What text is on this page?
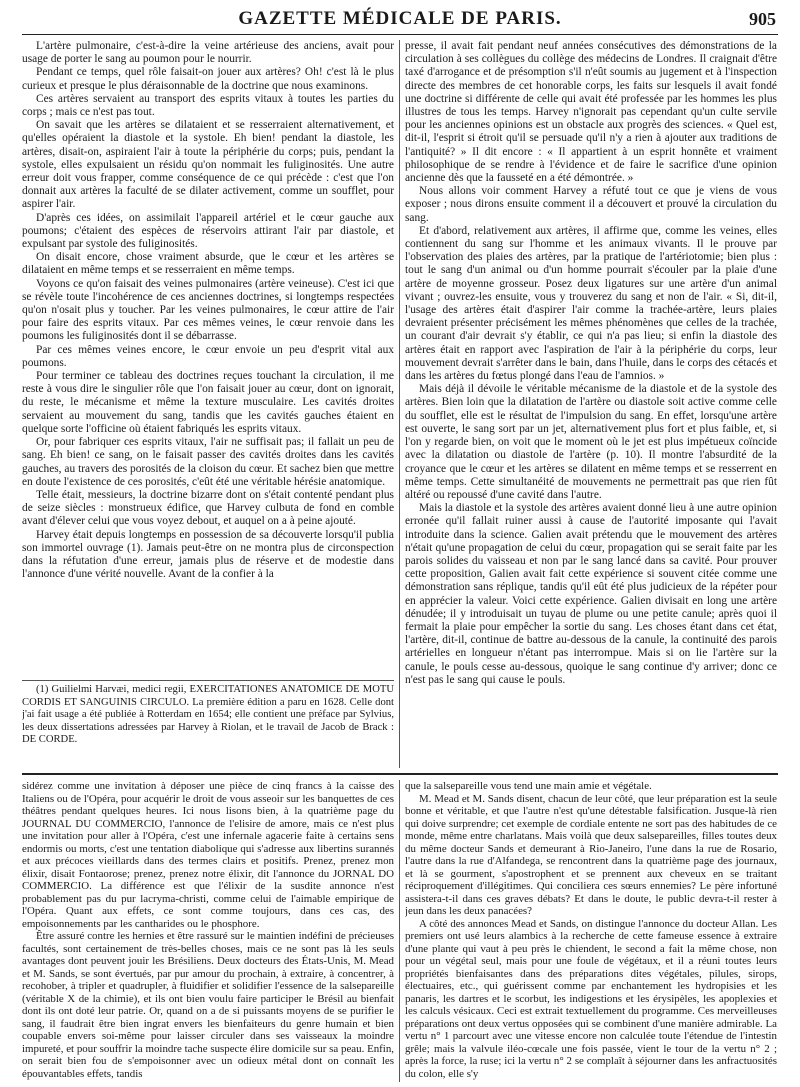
GAZETTE MÉDICALE DE PARIS.	905

L'artère pulmonaire, c'est-à-dire la veine artérieuse des anciens, avait pour usage de porter le sang au poumon pour le nourrir.

Pendant ce temps, quel rôle faisait-on jouer aux artères? Oh! c'est là le plus curieux et presque le plus déraisonnable de la doctrine que nous examinons.

Ces artères servaient au transport des esprits vitaux à toutes les parties du corps ; mais ce n'est pas tout.

On savait que les artères se dilataient et se resserraient alternativement, et qu'elles opéraient la diastole et la systole. Eh bien! pendant la diastole, les artères, disait-on, aspiraient l'air à toute la périphérie du corps; puis, pendant la systole, elles expulsaient un résidu qu'on nommait les fuliginosités. Une autre erreur doit vous frapper, comme conséquence de ce qui précède : c'est que l'on donnait aux artères la faculté de se dilater activement, comme un soufflet, pour aspirer l'air.

D'après ces idées, on assimilait l'appareil artériel et le cœur gauche aux poumons; c'étaient des espèces de réservoirs attirant l'air par diastole, et expulsant par systole des fuliginosités.

On disait encore, chose vraiment absurde, que le cœur et les artères se dilataient en même temps et se resserraient en même temps.

Voyons ce qu'on faisait des veines pulmonaires (artère veineuse). C'est ici que se révèle toute l'incohérence de ces anciennes doctrines, si longtemps respectées qu'on n'osait plus y toucher. Par les veines pulmonaires, le cœur attire de l'air pour faire des esprits vitaux. Par ces mêmes veines, le cœur renvoie dans les poumons les fuliginosités dont il se débarrasse.

Par ces mêmes veines encore, le cœur envoie un peu d'esprit vital aux poumons.

Pour terminer ce tableau des doctrines reçues touchant la circulation, il me reste à vous dire le singulier rôle que l'on faisait jouer au cœur, dont on ignorait, du reste, le mécanisme et même la texture musculaire. Les cavités droites servaient au mouvement du sang, tandis que les cavités gauches étaient en quelque sorte l'officine où étaient fabriqués les esprits vitaux.

Or, pour fabriquer ces esprits vitaux, l'air ne suffisait pas; il fallait un peu de sang. Eh bien! ce sang, on le faisait passer des cavités droites dans les cavités gauches, au travers des porosités de la cloison du cœur. Et sachez bien que mettre en doute l'existence de ces porosités, c'eût été une véritable hérésie anatomique.

Telle était, messieurs, la doctrine bizarre dont on s'était contenté pendant plus de seize siècles : monstrueux édifice, que Harvey culbuta de fond en comble avant d'élever celui que vous voyez debout, et auquel on a à peine ajouté.

Harvey était depuis longtemps en possession de sa découverte lorsqu'il publia son immortel ouvrage (1). Jamais peut-être on ne montra plus de circonspection dans la réfutation d'une erreur, jamais plus de réserve et de modestie dans l'annonce d'une vérité nouvelle. Avant de la confier à la

(1) Guilielmi Harvæi, medici regii, EXERCITATIONES ANATOMICE DE MOTU CORDIS ET SANGUINIS CIRCULO. La première édition a paru en 1628. Celle dont j'ai fait usage a été publiée à Rotterdam en 1654; elle contient une préface par Sylvius, les deux dissertations adressées par Harvey à Riolan, et le travail de Jacob de Brack : DE CORDE.

presse, il avait fait pendant neuf années consécutives des démonstrations de la circulation à ses collègues du collège des médecins de Londres. Il craignait d'être taxé d'arrogance et de présomption s'il n'eût soumis au jugement et à l'inspection directe des membres de cet honorable corps, les faits sur lesquels il avait fondé une doctrine si différente de celle qui avait été professée par les hommes les plus illustres de tous les temps. Harvey n'ignorait pas cependant qu'un culte servile pour les anciennes opinions est un obstacle aux progrès des sciences. « Quel est, dit-il, l'esprit si étroit qu'il se persuade qu'il n'y a rien à ajouter aux traditions de l'antiquité? » Il dit encore : « Il appartient à un esprit honnête et vraiment philosophique de se rendre à l'évidence et de faire le sacrifice d'une opinion ancienne dès que la fausseté en a été démontrée. »

Nous allons voir comment Harvey a réfuté tout ce que je viens de vous exposer ; nous dirons ensuite comment il a découvert et prouvé la circulation du sang.

Et d'abord, relativement aux artères, il affirme que, comme les veines, elles contiennent du sang sur l'homme et les animaux vivants. Il le prouve par l'observation des plaies des artères, par la pratique de l'artériotomie; bien plus : tout le sang d'un animal ou d'un homme pourrait s'écouler par la plaie d'une artère de moyenne grosseur. Posez deux ligatures sur une artère d'un animal vivant ; ouvrez-les ensuite, vous y trouverez du sang et non de l'air. « Si, dit-il, l'usage des artères était d'aspirer l'air comme la trachée-artère, leurs plaies devraient présenter précisément les mêmes phénomènes que celles de la trachée, un courant d'air devrait s'y établir, ce qui n'a pas lieu; si enfin la diastole des artères était en rapport avec l'aspiration de l'air à la périphérie du corps, leur mouvement devrait s'arrêter dans le bain, dans l'huile, dans le corps des cétacés et dans les artères du fœtus plongé dans l'eau de l'amnios. »

Mais déjà il dévoile le véritable mécanisme de la diastole et de la systole des artères. Bien loin que la dilatation de l'artère ou diastole soit active comme celle du soufflet, elle est le résultat de l'impulsion du sang. En effet, lorsqu'une artère est ouverte, le sang sort par un jet, alternativement plus fort et plus faible, et, si l'on y regarde bien, on voit que le moment où le jet est plus impétueux coïncide avec la dilatation ou diastole de l'artère (p. 10). Il montre l'absurdité de la croyance que le cœur et les artères se dilatent en même temps et se resserrent en même temps. Cette simultanéité de mouvements ne permettrait pas que rien fût altéré ou repoussé d'une cavité dans l'autre.

Mais la diastole et la systole des artères avaient donné lieu à une autre opinion erronée qu'il fallait ruiner aussi à cause de l'autorité imposante qui l'avait introduite dans la science. Galien avait prétendu que le mouvement des artères n'était qu'une propagation de celui du cœur, propagation qui se serait faite par les parois solides du vaisseau et non par le sang lancé dans sa cavité. Pour prouver cette proposition, Galien avait fait cette expérience si souvent citée comme une démonstration sans réplique, tandis qu'il eût été plus judicieux de la répéter pour en apprécier la valeur. Voici cette expérience. Galien divisait en long une artère dénudée; il y introduisait un tuyau de plume ou une petite canule; après quoi il fermait la plaie pour empêcher la sortie du sang. Les choses étant dans cet état, l'artère, dit-il, continue de battre au-dessous de la canule, la continuité des parois artérielles en longueur n'étant pas interrompue. Mais si on lie l'artère sur la canule, le pouls cesse au-dessous, quoique le sang continue d'y arriver; donc ce n'est pas le sang qui cause le pouls.

sidérez comme une invitation à déposer une pièce de cinq francs à la caisse des Italiens ou de l'Opéra, pour acquérir le droit de vous asseoir sur les banquettes de ces théâtres pendant quelques heures. Ici nous lisons bien, à la quatrième page du JOURNAL DU COMMERCIO, l'annonce de l'elisire de amore, mais ce n'est plus une invitation pour aller à l'Opéra, c'est une infernale agacerie faite à certains sens endormis ou morts, c'est une tentation diabolique qui s'adresse aux libertins surannés et aux précoces vieillards dans des termes clairs et positifs. Prenez, prenez mon élixir, disait Fontaorose; prenez, prenez notre élixir, dit l'annonce du JORNAL DO COMMERCIO. La différence est que l'élixir de la susdite annonce n'est probablement pas du pur lacryma-christi, comme celui de l'aimable empirique de l'Opéra. Quant aux effets, ce sont comme toujours, dans ces cas, des empoisonnements par les cantharides ou le phosphore.

Être assuré contre les hernies et être rassuré sur le maintien indéfini de précieuses facultés, sont certainement de très-belles choses, mais ce ne sont pas là les seuls avantages dont peuvent jouir les Brésiliens. Deux docteurs des États-Unis, M. Mead et M. Sands, se sont évertués, par pur amour du prochain, à extraire, à concentrer, à recohober, à tripler et quadrupler, à fluidifier et solidifier l'essence de la salsepareille (véritable X de la chimie), et ils ont bien voulu faire participer le Brésil au bienfait dont ils ont doté leur patrie. Or, quand on a de si puissants moyens de se purifier le sang, il faudrait être bien ingrat envers les bienfaiteurs du genre humain et bien coupable envers soi-même pour laisser circuler dans ses vaisseaux la moindre impureté, et pour souffrir la moindre tache suspecte élire domicile sur sa peau. Enfin, on serait bien fou de s'empoisonner avec un odieux métal dont on connaît les épouvantables effets, tandis

que la salsepareille vous tend une main amie et végétale.

M. Mead et M. Sands disent, chacun de leur côté, que leur préparation est la seule bonne et véritable, et que l'autre n'est qu'une détestable falsification. Jusque-là rien qui doive surprendre; cet exemple de cordiale entente ne sort pas des habitudes de ce monde, même entre charlatans. Mais voilà que deux salsepareilles, filles toutes deux du même docteur Sands et demeurant à Rio-Janeiro, l'une dans la rue de Rosario, l'autre dans la rue d'Alfandega, se rencontrent dans la quatrième page des journaux, et là se gourment, s'apostrophent et se prennent aux cheveux en se traitant réciproquement d'illégitimes. Qui conciliera ces sœurs ennemies? Le père infortuné assistera-t-il dans ces graves débats? Et dans le doute, le public devra-t-il rester à jeun dans les deux panacées?

A côté des annonces Mead et Sands, on distingue l'annonce du docteur Allan. Les premiers ont usé leurs alambics à la recherche de cette fameuse essence à extraire d'une plante qui vaut à peu près le chiendent, le second a fait la même chose, non pour un végétal seul, mais pour une foule de végétaux, et il a réuni toutes leurs propriétés bienfaisantes dans des préparations dites végétales, pilules, sirops, électuaires, etc., qui guérissent comme par enchantement les hydropisies et les panaris, les dartres et le scorbut, les indigestions et les érysipèles, les apoplexies et les calculs vésicaux. Ceci est extrait textuellement du programme. Ces merveilleuses préparations ont deux vertus opposées qui se combinent d'une manière admirable. La vertu n° 1 parcourt avec une vitesse encore non calculée toute l'étendue de l'intestin grêle; mais la valvule iléo-cœcale une fois passée, vient le tour de la vertu n° 2 ; après la force, la ruse; ici la vertu n° 2 se complaît à séjourner dans les anfractuosités du colon, elle s'y
